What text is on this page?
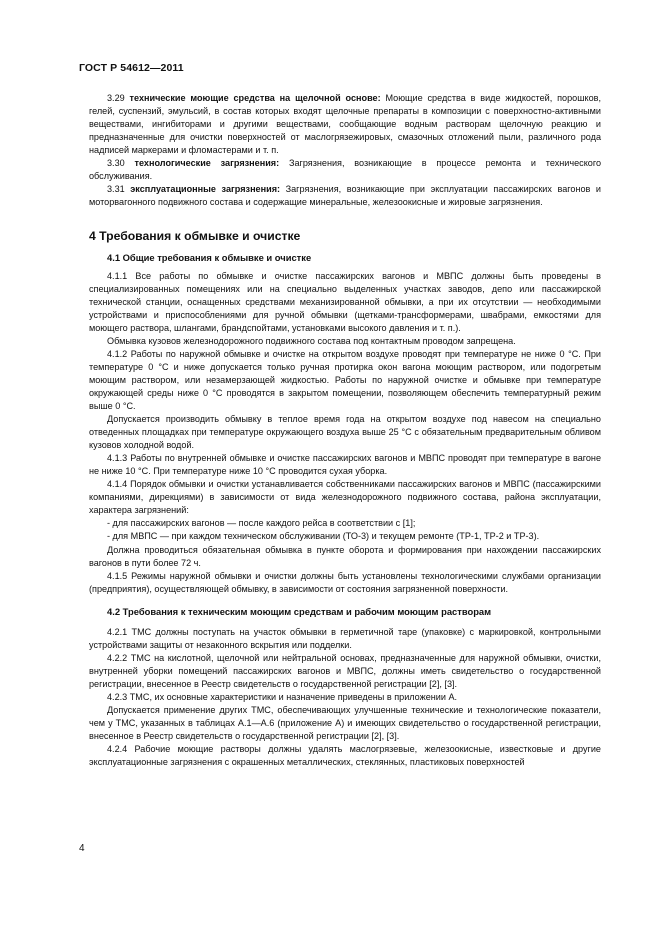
ГОСТ Р 54612—2011

3.29 технические моющие средства на щелочной основе: Моющие средства в виде жидкостей, порошков, гелей, суспензий, эмульсий, в состав которых входят щелочные препараты в композиции с поверхностно-активными веществами, ингибиторами и другими веществами, сообщающие водным растворам щелочную реакцию и предназначенные для очистки поверхностей от маслогрязежировых, смазочных отложений пыли, различного рода надписей маркерами и фломастерами и т. п.

3.30 технологические загрязнения: Загрязнения, возникающие в процессе ремонта и технического обслуживания.

3.31 эксплуатационные загрязнения: Загрязнения, возникающие при эксплуатации пассажирских вагонов и моторвагонного подвижного состава и содержащие минеральные, железоокисные и жировые загрязнения.

4 Требования к обмывке и очистке
4.1 Общие требования к обмывке и очистке

4.1.1 Все работы по обмывке и очистке пассажирских вагонов и МВПС должны быть проведены в специализированных помещениях или на специально выделенных участках заводов, депо или пассажирской технической станции, оснащенных средствами механизированной обмывки, а при их отсутствии — необходимыми устройствами и приспособлениями для ручной обмывки (щетками-трансформерами, швабрами, емкостями для моющего раствора, шлангами, брандспойтами, установками высокого давления и т. п.).

Обмывка кузовов железнодорожного подвижного состава под контактным проводом запрещена.

4.1.2 Работы по наружной обмывке и очистке на открытом воздухе проводят при температуре не ниже 0 °С. При температуре 0 °С и ниже допускается только ручная протирка окон вагона моющим раствором, или подогретым моющим раствором, или незамерзающей жидкостью. Работы по наружной очистке и обмывке при температуре окружающей среды ниже 0 °С проводятся в закрытом помещении, позволяющем обеспечить температурный режим выше 0 °С.

Допускается производить обмывку в теплое время года на открытом воздухе под навесом на специально отведенных площадках при температуре окружающего воздуха выше 25 °С с обязательным предварительным обливом кузовов холодной водой.

4.1.3 Работы по внутренней обмывке и очистке пассажирских вагонов и МВПС проводят при температуре в вагоне не ниже 10 °С. При температуре ниже 10 °С проводится сухая уборка.

4.1.4 Порядок обмывки и очистки устанавливается собственниками пассажирских вагонов и МВПС (пассажирскими компаниями, дирекциями) в зависимости от вида железнодорожного подвижного состава, района эксплуатации, характера загрязнений:

- для пассажирских вагонов — после каждого рейса в соответствии с [1];

- для МВПС — при каждом техническом обслуживании (ТО-3) и текущем ремонте (ТР-1, ТР-2 и ТР-3).

Должна проводиться обязательная обмывка в пункте оборота и формирования при нахождении пассажирских вагонов в пути более 72 ч.

4.1.5 Режимы наружной обмывки и очистки должны быть установлены технологическими службами организации (предприятия), осуществляющей обмывку, в зависимости от состояния загрязненной поверхности.

4.2 Требования к техническим моющим средствам и рабочим моющим растворам

4.2.1 ТМС должны поступать на участок обмывки в герметичной таре (упаковке) с маркировкой, контрольными устройствами защиты от незаконного вскрытия или подделки.

4.2.2 ТМС на кислотной, щелочной или нейтральной основах, предназначенные для наружной обмывки, очистки, внутренней уборки помещений пассажирских вагонов и МВПС, должны иметь свидетельство о государственной регистрации, внесенное в Реестр свидетельств о государственной регистрации [2], [3].

4.2.3 ТМС, их основные характеристики и назначение приведены в приложении А.

Допускается применение других ТМС, обеспечивающих улучшенные технические и технологические показатели, чем у ТМС, указанных в таблицах А.1—А.6 (приложение А) и имеющих свидетельство о государственной регистрации, внесенное в Реестр свидетельств о государственной регистрации [2], [3].

4.2.4 Рабочие моющие растворы должны удалять маслогрязевые, железоокисные, известковые и другие эксплуатационные загрязнения с окрашенных металлических, стеклянных, пластиковых поверхностей

4
